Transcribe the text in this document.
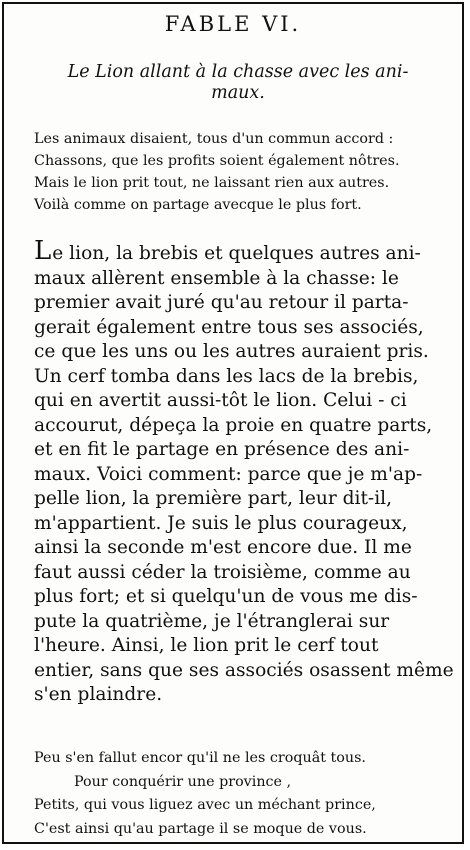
FABLE VI.
Le Lion allant à la chasse avec les ani-
maux.
Les animaux disaient, tous d'un commun accord :
Chassons, que les profits soient également nôtres.
Mais le lion prit tout, ne laissant rien aux autres.
Voilà comme on partage avecque le plus fort.
Le lion, la brebis et quelques autres ani-
maux allèrent ensemble à la chasse: le
premier avait juré qu'au retour il parta-
gerait également entre tous ses associés,
ce que les uns ou les autres auraient pris.
Un cerf tomba dans les lacs de la brebis,
qui en avertit aussi-tôt le lion. Celui - ci
accourut, dépeça la proie en quatre parts,
et en fit le partage en présence des ani-
maux. Voici comment: parce que je m'ap-
pelle lion, la première part, leur dit-il,
m'appartient. Je suis le plus courageux,
ainsi la seconde m'est encore due. Il me
faut aussi céder la troisième, comme au
plus fort; et si quelqu'un de vous me dis-
pute la quatrième, je l'étranglerai sur
l'heure. Ainsi, le lion prit le cerf tout
entier, sans que ses associés osassent même
s'en plaindre.
Peu s'en fallut encor qu'il ne les croquât tous.
Pour conquérir une province ,
Petits, qui vous liguez avec un méchant prince,
C'est ainsi qu'au partage il se moque de vous.
